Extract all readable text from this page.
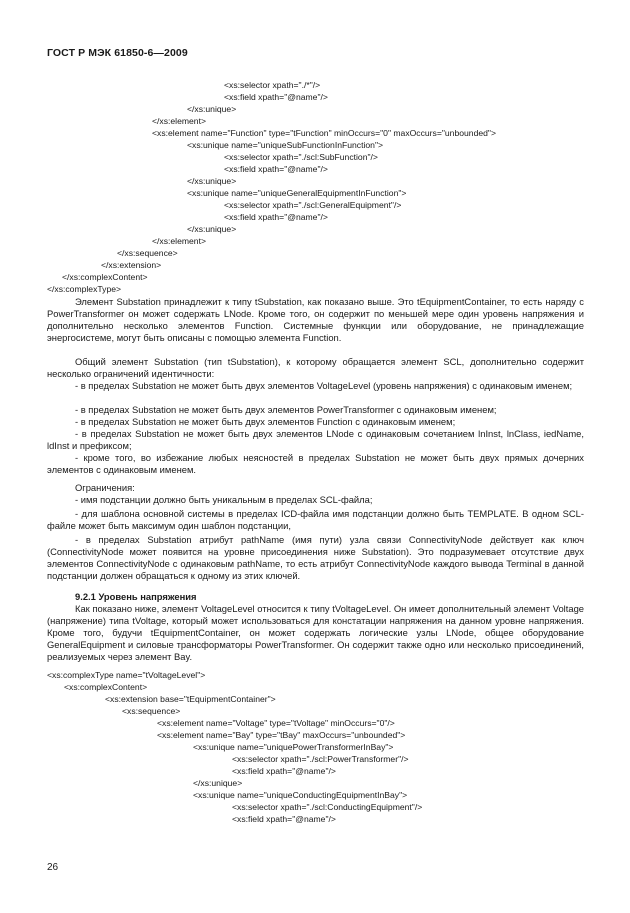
ГОСТ Р МЭК 61850-6—2009
<xs:selector xpath="./*"/>
<xs:field xpath="@name"/>
</xs:unique>
</xs:element>
<xs:element name="Function" type="tFunction" minOccurs="0" maxOccurs="unbounded">
<xs:unique name="uniqueSubFunctionInFunction">
<xs:selector xpath="./scl:SubFunction"/>
<xs:field xpath="@name"/>
</xs:unique>
<xs:unique name="uniqueGeneralEquipmentInFunction">
<xs:selector xpath="./scl:GeneralEquipment"/>
<xs:field xpath="@name"/>
</xs:unique>
</xs:element>
</xs:sequence>
</xs:extension>
</xs:complexContent>
</xs:complexType>
Элемент Substation принадлежит к типу tSubstation, как показано выше. Это tEquipmentContainer, то есть наряду с PowerTransformer он может содержать LNode. Кроме того, он содержит по меньшей мере один уровень напряжения и дополнительно несколько элементов Function. Системные функции или оборудование, не принадлежащие энергосистеме, могут быть описаны с помощью элемента Function.
Общий элемент Substation (тип tSubstation), к которому обращается элемент SCL, дополнительно содержит несколько ограничений идентичности:
- в пределах Substation не может быть двух элементов VoltageLevel (уровень напряжения) с одинаковым именем;
- в пределах Substation не может быть двух элементов PowerTransformer с одинаковым именем;
- в пределах Substation не может быть двух элементов Function с одинаковым именем;
- в пределах Substation не может быть двух элементов LNode с одинаковым сочетанием lnInst, lnClass, iedName, ldInst и префиксом;
- кроме того, во избежание любых неясностей в пределах Substation не может быть двух прямых дочерних элементов с одинаковым именем.
Ограничения:
- имя подстанции должно быть уникальным в пределах SCL-файла;
- для шаблона основной системы в пределах ICD-файла имя подстанции должно быть TEMPLATE. В одном SCL-файле может быть максимум один шаблон подстанции,
- в пределах Substation атрибут pathName (имя пути) узла связи ConnectivityNode действует как ключ (ConnectivityNode может появится на уровне присоединения ниже Substation). Это подразумевает отсутствие двух элементов ConnectivityNode с одинаковым pathName, то есть атрибут ConnectivityNode каждого вывода Terminal в данной подстанции должен обращаться к одному из этих ключей.
9.2.1 Уровень напряжения
Как показано ниже, элемент VoltageLevel относится к типу tVoltageLevel. Он имеет дополнительный элемент Voltage (напряжение) типа tVoltage, который может использоваться для констатации напряжения на данном уровне напряжения. Кроме того, будучи tEquipmentContainer, он может содержать логические узлы LNode, общее оборудование GeneralEquipment и силовые трансформаторы PowerTransformer. Он содержит также одно или несколько присоединений, реализуемых через элемент Bay.
<xs:complexType name="tVoltageLevel">
<xs:complexContent>
<xs:extension base="tEquipmentContainer">
<xs:sequence>
<xs:element name="Voltage" type="tVoltage" minOccurs="0"/>
<xs:element name="Bay" type="tBay" maxOccurs="unbounded">
<xs:unique name="uniquePowerTransformerInBay">
<xs:selector xpath="./scl:PowerTransformer"/>
<xs:field xpath="@name"/>
</xs:unique>
<xs:unique name="uniqueConductingEquipmentInBay">
<xs:selector xpath="./scl:ConductingEquipment"/>
<xs:field xpath="@name"/>
26
